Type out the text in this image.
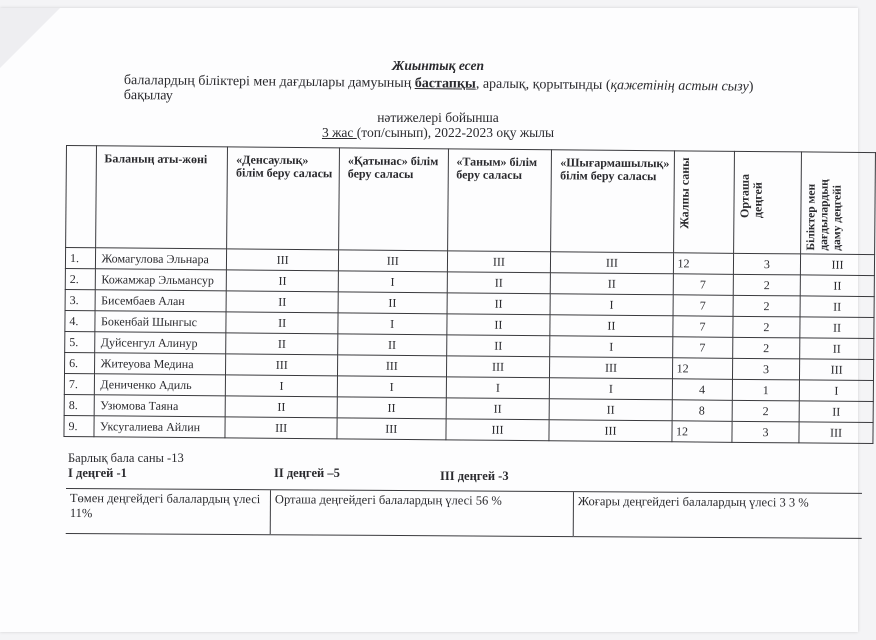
Жиынтық есеп
балалардың біліктері мен дағдылары дамуының бастапқы, аралық, қорытынды (қажетінің астын сызу)
бақылау
нәтижелері бойынша
3 жас (топ/сынып), 2022-2023 оқу жылы
	Баланың аты-жөні	«Денсаулық» білім беру саласы	«Қатынас» білім беру саласы	«Таным» білім беру саласы	«Шығармашылық» білім беру саласы	Жалпы саны	Орташа деңгей	Біліктер мен дағдылардың даму деңгейі
1.	Жомагулова Эльнара	III	III	III	III	12	3	III
2.	Кожамжар Эльмансур	II	I	II	II	7	2	II
3.	Бисембаев Алан	II	II	II	I	7	2	II
4.	Бокенбай Шынгыс	II	I	II	II	7	2	II
5.	Дуйсенгул Алинур	II	II	II	I	7	2	II
6.	Житеуова Медина	III	III	III	III	12	3	III
7.	Дениченко Адиль	I	I	I	I	4	1	I
8.	Узюмова Таяна	II	II	II	II	8	2	II
9.	Уксугалиева Айлин	III	III	III	III	12	3	III
Барлық бала саны -13
I деңгей -1	II деңгей –5	III деңгей -3
Төмен деңгейдегі балалардың үлесі 11%	Орташа деңгейдегі балалардың үлесі 56 %	Жоғары деңгейдегі балалардың үлесі 3 3 %
